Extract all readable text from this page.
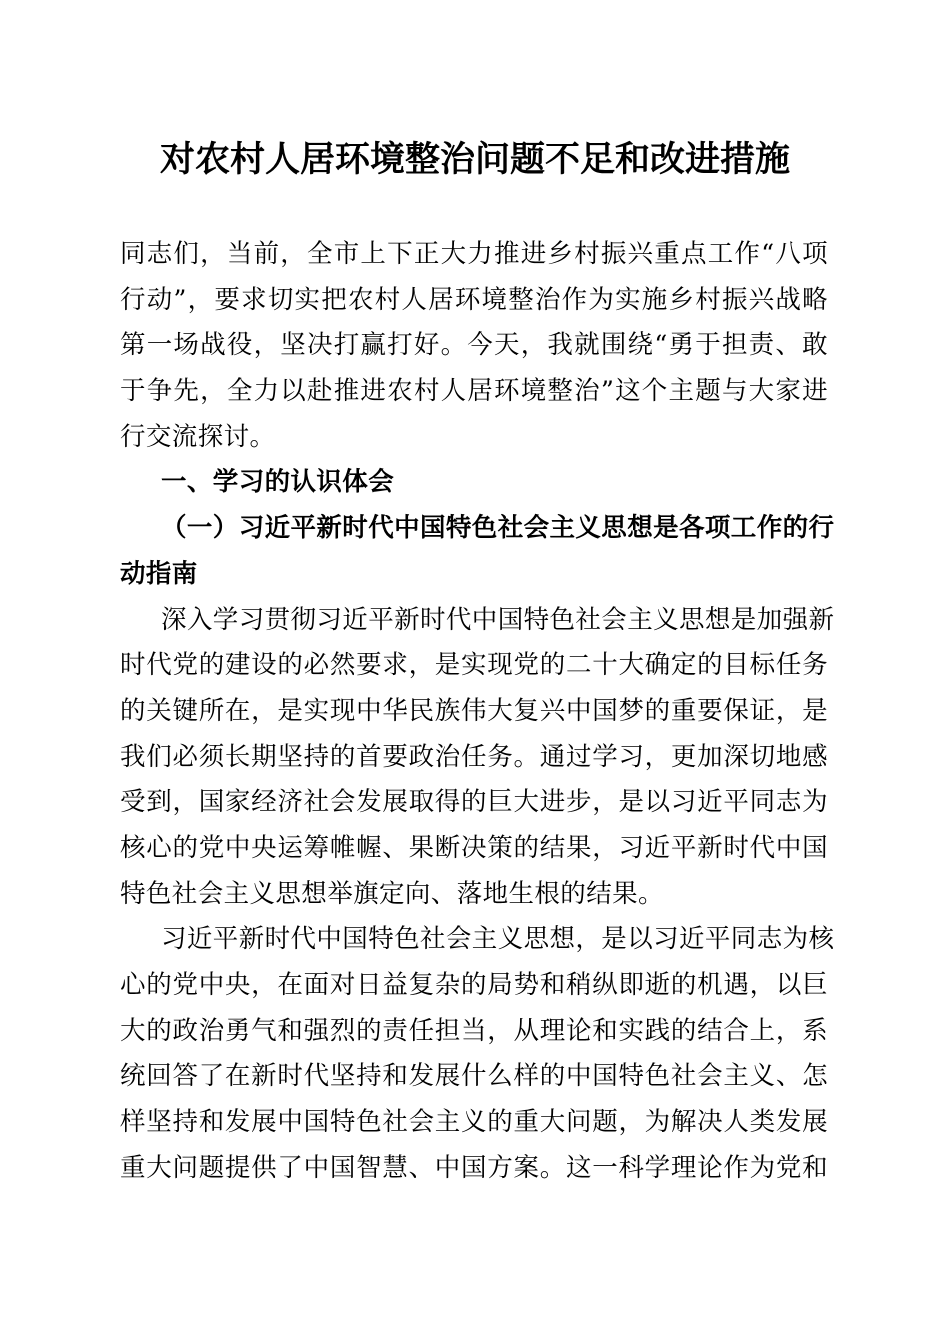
对农村人居环境整治问题不足和改进措施
同志们，当前，全市上下正大力推进乡村振兴重点工作“八项
行动”，要求切实把农村人居环境整治作为实施乡村振兴战略
第一场战役，坚决打赢打好。今天，我就围绕“勇于担责、敢
于争先，全力以赴推进农村人居环境整治”这个主题与大家进
行交流探讨。
一、学习的认识体会
（一）习近平新时代中国特色社会主义思想是各项工作的行
动指南
深入学习贯彻习近平新时代中国特色社会主义思想是加强新
时代党的建设的必然要求，是实现党的二十大确定的目标任务
的关键所在，是实现中华民族伟大复兴中国梦的重要保证，是
我们必须长期坚持的首要政治任务。通过学习，更加深切地感
受到，国家经济社会发展取得的巨大进步，是以习近平同志为
核心的党中央运筹帷幄、果断决策的结果，习近平新时代中国
特色社会主义思想举旗定向、落地生根的结果。
习近平新时代中国特色社会主义思想，是以习近平同志为核
心的党中央，在面对日益复杂的局势和稍纵即逝的机遇，以巨
大的政治勇气和强烈的责任担当，从理论和实践的结合上，系
统回答了在新时代坚持和发展什么样的中国特色社会主义、怎
样坚持和发展中国特色社会主义的重大问题，为解决人类发展
重大问题提供了中国智慧、中国方案。这一科学理论作为党和
